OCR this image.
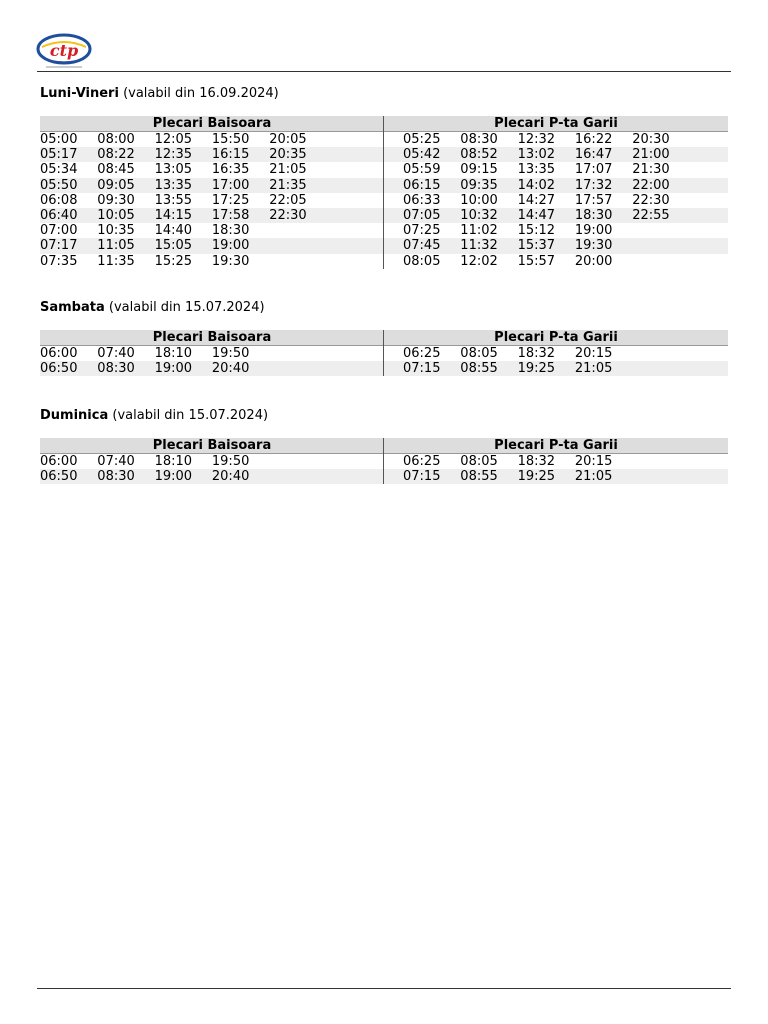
ctp

Luni-Vineri (valabil din 16.09.2024)

Plecari Baisoara
05:00 08:00 12:05 15:50 20:05
05:17 08:22 12:35 16:15 20:35
05:34 08:45 13:05 16:35 21:05
05:50 09:05 13:35 17:00 21:35
06:08 09:30 13:55 17:25 22:05
06:40 10:05 14:15 17:58 22:30
07:00 10:35 14:40 18:30
07:17 11:05 15:05 19:00
07:35 11:35 15:25 19:30
Plecari P-ta Garii
05:25 08:30 12:32 16:22 20:30
05:42 08:52 13:02 16:47 21:00
05:59 09:15 13:35 17:07 21:30
06:15 09:35 14:02 17:32 22:00
06:33 10:00 14:27 17:57 22:30
07:05 10:32 14:47 18:30 22:55
07:25 11:02 15:12 19:00
07:45 11:32 15:37 19:30
08:05 12:02 15:57 20:00

Sambata (valabil din 15.07.2024)

Plecari Baisoara
06:00 07:40 18:10 19:50
06:50 08:30 19:00 20:40
Plecari P-ta Garii
06:25 08:05 18:32 20:15
07:15 08:55 19:25 21:05

Duminica (valabil din 15.07.2024)

Plecari Baisoara
06:00 07:40 18:10 19:50
06:50 08:30 19:00 20:40
Plecari P-ta Garii
06:25 08:05 18:32 20:15
07:15 08:55 19:25 21:05
